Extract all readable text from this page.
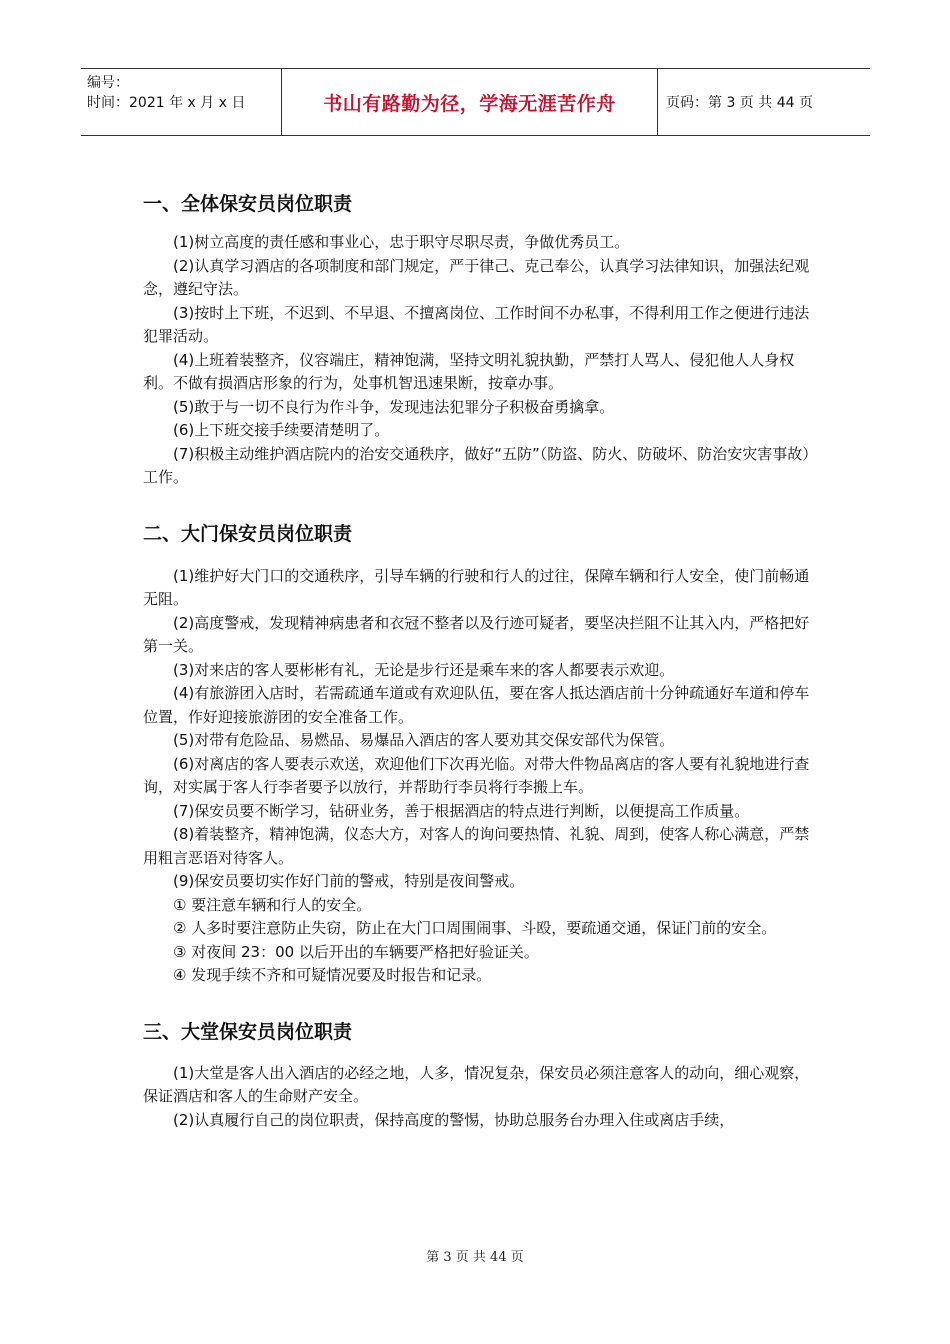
编号：
时间：2021 年 x 月 x 日	书山有路勤为径，学海无涯苦作舟	页码：第 3 页 共 44 页
一、全体保安员岗位职责

(1)树立高度的责任感和事业心，忠于职守尽职尽责，争做优秀员工。

(2)认真学习酒店的各项制度和部门规定，严于律己、克己奉公，认真学习法律知识，加强法纪观念，遵纪守法。

(3)按时上下班，不迟到、不早退、不擅离岗位、工作时间不办私事，不得利用工作之便进行违法犯罪活动。

(4)上班着装整齐，仪容端庄，精神饱满，坚持文明礼貌执勤，严禁打人骂人、侵犯他人人身权利。不做有损酒店形象的行为，处事机智迅速果断，按章办事。

(5)敢于与一切不良行为作斗争，发现违法犯罪分子积极奋勇擒拿。

(6)上下班交接手续要清楚明了。

(7)积极主动维护酒店院内的治安交通秩序，做好“五防”（防盗、防火、防破坏、防治安灾害事故）工作。

二、大门保安员岗位职责

(1)维护好大门口的交通秩序，引导车辆的行驶和行人的过往，保障车辆和行人安全，使门前畅通无阻。

(2)高度警戒，发现精神病患者和衣冠不整者以及行迹可疑者，要坚决拦阻不让其入内，严格把好第一关。

(3)对来店的客人要彬彬有礼，无论是步行还是乘车来的客人都要表示欢迎。

(4)有旅游团入店时，若需疏通车道或有欢迎队伍，要在客人抵达酒店前十分钟疏通好车道和停车位置，作好迎接旅游团的安全准备工作。

(5)对带有危险品、易燃品、易爆品入酒店的客人要劝其交保安部代为保管。

(6)对离店的客人要表示欢送，欢迎他们下次再光临。对带大件物品离店的客人要有礼貌地进行查询，对实属于客人行李者要予以放行，并帮助行李员将行李搬上车。

(7)保安员要不断学习，钻研业务，善于根据酒店的特点进行判断，以便提高工作质量。

(8)着装整齐，精神饱满，仪态大方，对客人的询问要热情、礼貌、周到，使客人称心满意，严禁用粗言恶语对待客人。

(9)保安员要切实作好门前的警戒，特别是夜间警戒。

① 要注意车辆和行人的安全。

② 人多时要注意防止失窃，防止在大门口周围闹事、斗殴，要疏通交通，保证门前的安全。

③ 对夜间 23：00 以后开出的车辆要严格把好验证关。

④ 发现手续不齐和可疑情况要及时报告和记录。

三、大堂保安员岗位职责

(1)大堂是客人出入酒店的必经之地，人多，情况复杂，保安员必须注意客人的动向，细心观察，保证酒店和客人的生命财产安全。

(2)认真履行自己的岗位职责，保持高度的警惕，协助总服务台办理入住或离店手续，

第 3 页 共 44 页
